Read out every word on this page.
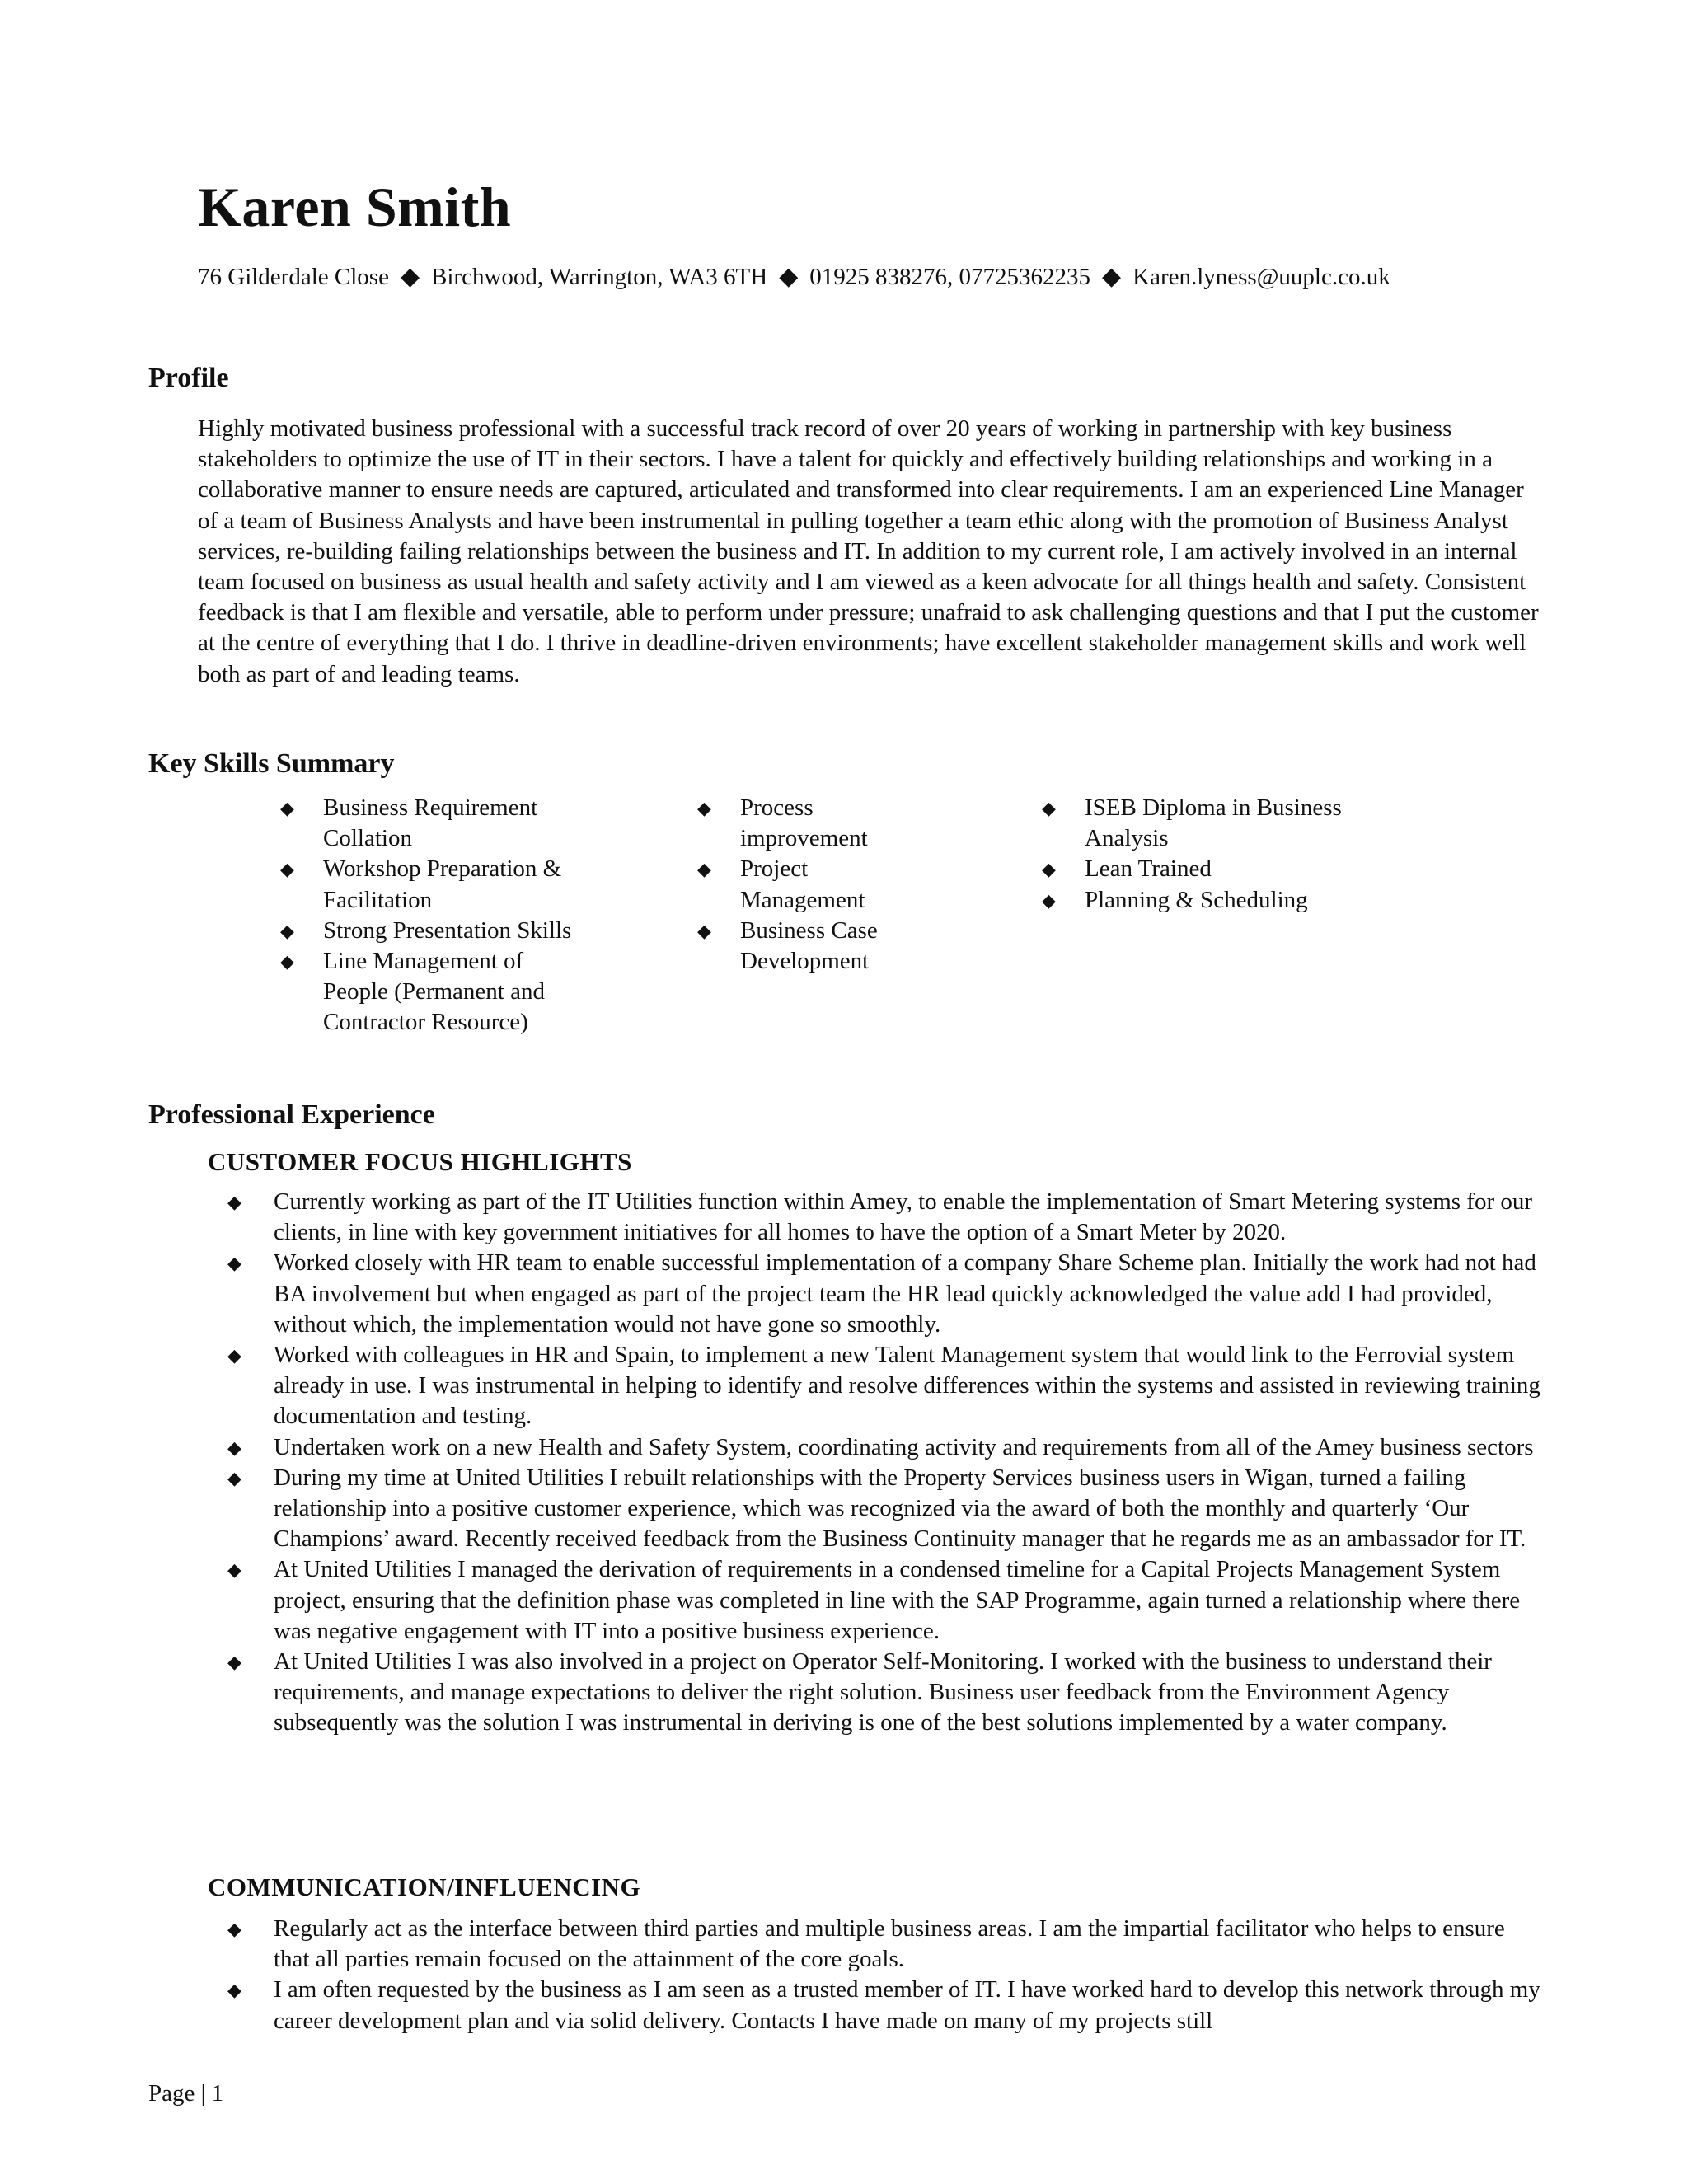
Karen Smith
76 Gilderdale Close ◆ Birchwood, Warrington, WA3 6TH ◆ 01925 838276, 07725362235 ◆ Karen.lyness@uuplc.co.uk
Profile

Highly motivated business professional with a successful track record of over 20 years of working in partnership with key business stakeholders to optimize the use of IT in their sectors. I have a talent for quickly and effectively building relationships and working in a collaborative manner to ensure needs are captured, articulated and transformed into clear requirements. I am an experienced Line Manager of a team of Business Analysts and have been instrumental in pulling together a team ethic along with the promotion of Business Analyst services, re-building failing relationships between the business and IT. In addition to my current role, I am actively involved in an internal team focused on business as usual health and safety activity and I am viewed as a keen advocate for all things health and safety. Consistent feedback is that I am flexible and versatile, able to perform under pressure; unafraid to ask challenging questions and that I put the customer at the centre of everything that I do. I thrive in deadline-driven environments; have excellent stakeholder management skills and work well both as part of and leading teams.

Key Skills Summary
◆ Business Requirement Collation
◆ Workshop Preparation & Facilitation
◆ Strong Presentation Skills
◆ Line Management of People (Permanent and Contractor Resource)
◆ Process improvement
◆ Project Management
◆ Business Case Development
◆ ISEB Diploma in Business Analysis
◆ Lean Trained
◆ Planning & Scheduling
Professional Experience
CUSTOMER FOCUS HIGHLIGHTS
◆ Currently working as part of the IT Utilities function within Amey, to enable the implementation of Smart Metering systems for our clients, in line with key government initiatives for all homes to have the option of a Smart Meter by 2020.
◆ Worked closely with HR team to enable successful implementation of a company Share Scheme plan. Initially the work had not had BA involvement but when engaged as part of the project team the HR lead quickly acknowledged the value add I had provided, without which, the implementation would not have gone so smoothly.
◆ Worked with colleagues in HR and Spain, to implement a new Talent Management system that would link to the Ferrovial system already in use. I was instrumental in helping to identify and resolve differences within the systems and assisted in reviewing training documentation and testing.
◆ Undertaken work on a new Health and Safety System, coordinating activity and requirements from all of the Amey business sectors
◆ During my time at United Utilities I rebuilt relationships with the Property Services business users in Wigan, turned a failing relationship into a positive customer experience, which was recognized via the award of both the monthly and quarterly ‘Our Champions’ award. Recently received feedback from the Business Continuity manager that he regards me as an ambassador for IT.
◆ At United Utilities I managed the derivation of requirements in a condensed timeline for a Capital Projects Management System project, ensuring that the definition phase was completed in line with the SAP Programme, again turned a relationship where there was negative engagement with IT into a positive business experience.
◆ At United Utilities I was also involved in a project on Operator Self-Monitoring. I worked with the business to understand their requirements, and manage expectations to deliver the right solution. Business user feedback from the Environment Agency subsequently was the solution I was instrumental in deriving is one of the best solutions implemented by a water company.
COMMUNICATION/INFLUENCING
◆ Regularly act as the interface between third parties and multiple business areas. I am the impartial facilitator who helps to ensure that all parties remain focused on the attainment of the core goals.
◆ I am often requested by the business as I am seen as a trusted member of IT. I have worked hard to develop this network through my career development plan and via solid delivery. Contacts I have made on many of my projects still
Page | 1
